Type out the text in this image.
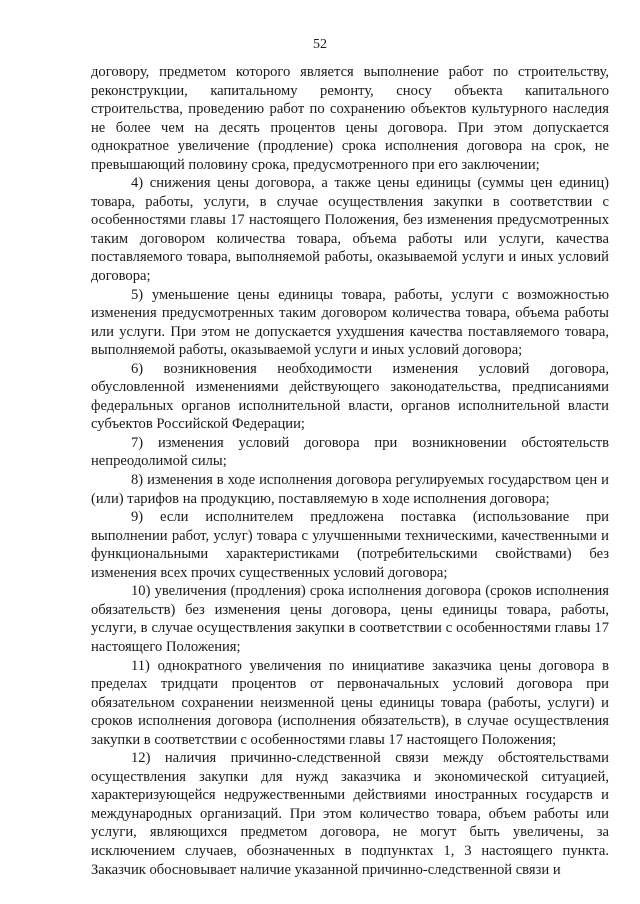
52

договору, предметом которого является выполнение работ по строительству, реконструкции, капитальному ремонту, сносу объекта капитального строительства, проведению работ по сохранению объектов культурного наследия не более чем на десять процентов цены договора. При этом допускается однократное увеличение (продление) срока исполнения договора на срок, не превышающий половину срока, предусмотренного при его заключении;

4) снижения цены договора, а также цены единицы (суммы цен единиц) товара, работы, услуги, в случае осуществления закупки в соответствии с особенностями главы 17 настоящего Положения, без изменения предусмотренных таким договором количества товара, объема работы или услуги, качества поставляемого товара, выполняемой работы, оказываемой услуги и иных условий договора;

5) уменьшение цены единицы товара, работы, услуги с возможностью изменения предусмотренных таким договором количества товара, объема работы или услуги. При этом не допускается ухудшения качества поставляемого товара, выполняемой работы, оказываемой услуги и иных условий договора;

6) возникновения необходимости изменения условий договора, обусловленной изменениями действующего законодательства, предписаниями федеральных органов исполнительной власти, органов исполнительной власти субъектов Российской Федерации;

7) изменения условий договора при возникновении обстоятельств непреодолимой силы;

8) изменения в ходе исполнения договора регулируемых государством цен и (или) тарифов на продукцию, поставляемую в ходе исполнения договора;

9) если исполнителем предложена поставка (использование при выполнении работ, услуг) товара с улучшенными техническими, качественными и функциональными характеристиками (потребительскими свойствами) без изменения всех прочих существенных условий договора;

10) увеличения (продления) срока исполнения договора (сроков исполнения обязательств) без изменения цены договора, цены единицы товара, работы, услуги, в случае осуществления закупки в соответствии с особенностями главы 17 настоящего Положения;

11) однократного увеличения по инициативе заказчика цены договора в пределах тридцати процентов от первоначальных условий договора при обязательном сохранении неизменной цены единицы товара (работы, услуги) и сроков исполнения договора (исполнения обязательств), в случае осуществления закупки в соответствии с особенностями главы 17 настоящего Положения;

12) наличия причинно-следственной связи между обстоятельствами осуществления закупки для нужд заказчика и экономической ситуацией, характеризующейся недружественными действиями иностранных государств и международных организаций. При этом количество товара, объем работы или услуги, являющихся предметом договора, не могут быть увеличены, за исключением случаев, обозначенных в подпунктах 1, 3 настоящего пункта. Заказчик обосновывает наличие указанной причинно-следственной связи и
